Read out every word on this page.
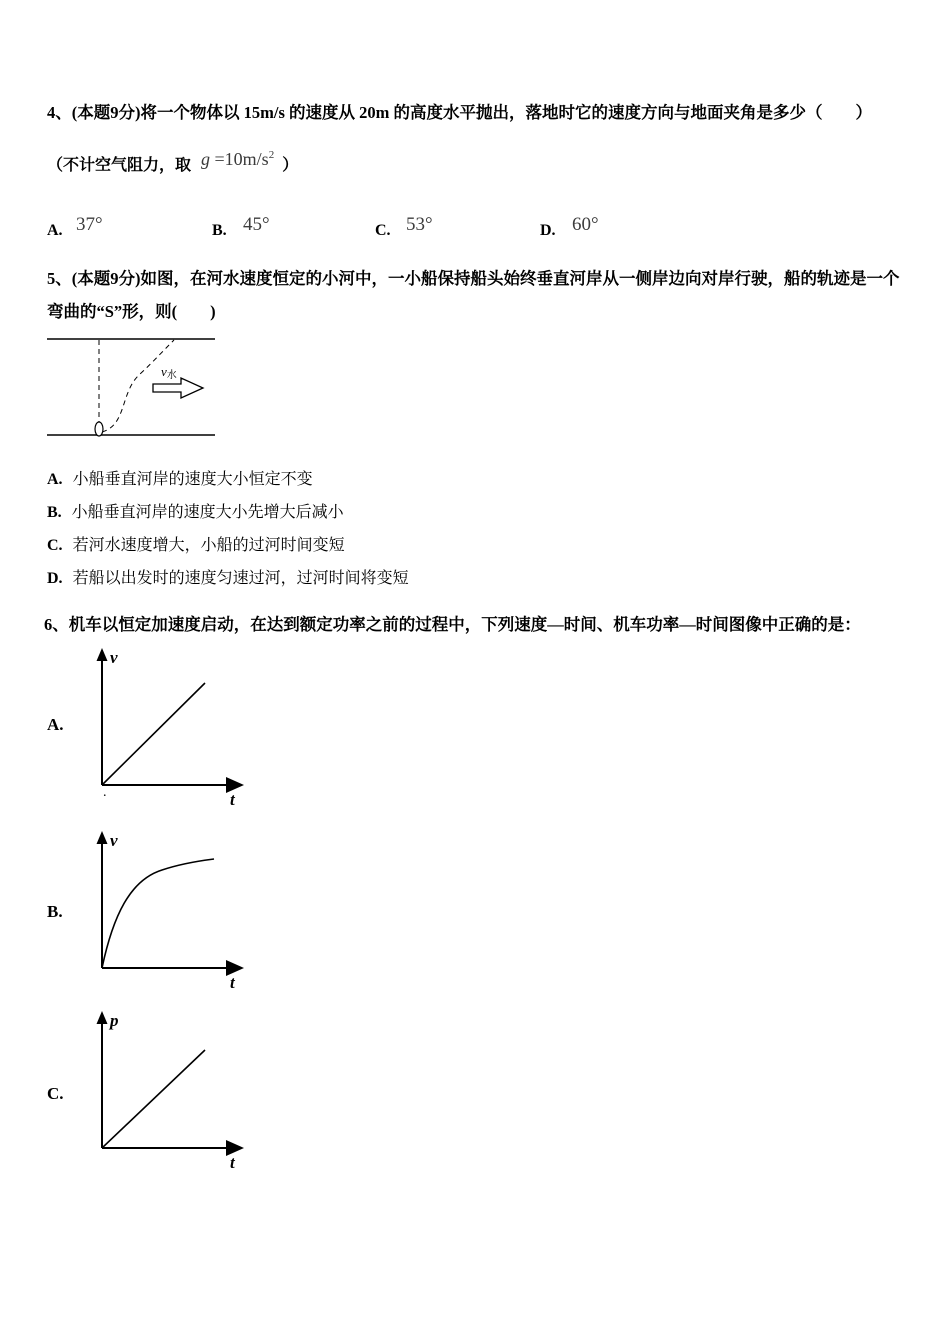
4、(本题9分)将一个物体以 15m/s 的速度从 20m 的高度水平抛出，落地时它的速度方向与地面夹角是多少（　　）
（不计空气阻力，取 $g =10m/s^2$ ）
A. 37°	B. 45°	C. 53°	D. 60°
5、(本题9分)如图，在河水速度恒定的小河中，一小船保持船头始终垂直河岸从一侧岸边向对岸行驶，船的轨迹是一个弯曲的“S”形，则(　　)
v水
A. 小船垂直河岸的速度大小恒定不变
B. 小船垂直河岸的速度大小先增大后减小
C. 若河水速度增大，小船的过河时间变短
D. 若船以出发时的速度匀速过河，过河时间将变短
6、机车以恒定加速度启动，在达到额定功率之前的过程中，下列速度—时间、机车功率—时间图像中正确的是：
A.
v
t
.
B.
v
t
C.
p
t
